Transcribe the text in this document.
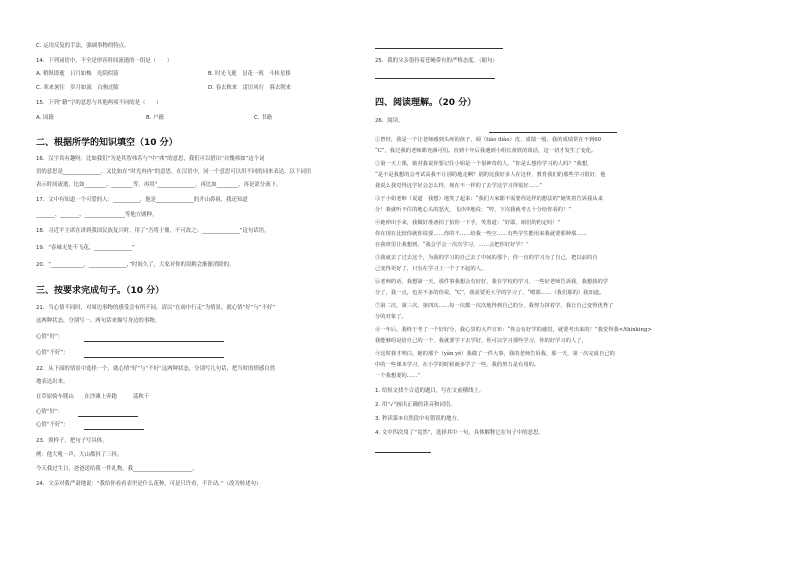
C. 运用反复的手法，强调事物的特点。
14．下列词语中，不全是形容时间流逝的一组是（　　）
A. 稍纵即逝　日月如梭　光阴似箭	B. 时光飞逝　昙花一现　斗转星移
C. 寒来暑往　岁月如流　白驹过隙	D. 春去秋来　雷厉风行　暮去朝来
15．下列“籍”字的意思与其他两项不同的是（　　）
A. 国籍	B. 户籍	C. 书籍
二、根据所学的知识填空（10 分）
16．汉字真有趣呀，比如我们“为是其智弗若与”中“弗”的意思，我们可以借出“自愧弗如”这个词
语的意思是______________。又比如在“时光冉冉”的意思，在汉语中，同一个意思可以用不同的词来表达，以下词语
表示时间流逝，比如________、________等，再用“______________，再比如________，再是涩分流下。
17．文中有知道一个可爱的人：__________，他是______________的开山鼻祖，我还知道
_______、_______、_______________等他方剧种。
18．习近平主席在讲到我国民族复兴时，用了“吾将于鼎，不可改之；______________”这句话语。
19．“春城无处不飞花，______________”
20．“____________，______________，”时间久了，大家对你的误解会渐渐消除的。
三、按要求完成句子。（10 分）
21．当心情不同时，对周边事物的感受会有所不同。请以“在雨中行走”为情景，就心情“好”与“不好”
这两种状态，分别写一、两句话来描写身边的事物。
心情“好”：
心情“不好”：
22．从下面的情景中选择一个，就心情“好”与“不好”这两种状态，分别写几句话，把当时的情感自然
地表达出来。
在草原骑车爬山　　在沙滩上奔跑　　　荡秋千
心情“好”：
心情“不好”：
23．照样子，把句子写具体。
例：他大吼一声，大山都抖了三抖。
今天我过生日，爸爸送给我一件礼物，我______________________。
24．父亲对我严肃地说：“我给你看看表里是什么花种，可是只许看，不许动。”（改为转述句）
25．我的父亲很持着苍蝇带有的严格态度。（缩句）
四、阅读理解。（20 分）
26．阅读。
①曾经，我是一个让老师感到头疼的孩子，调（tiáo diào）皮、成绩一般，我的成绩常在不到60
“C”，我过我的老师都充满可怕。直到十年后我遇到小组长黄欣的谈话，这一切才发生了变化。
②第一天上课，她对我说你要记住小姐是一个很神奇的人，“你是么想你学习的人吗？”我想，
“是不是我想的会考试高我不让别的地走啊？别的比我好多人在这样，教育我们的那些学习很好，他
我说么我觉得这学好会怎么样，现在不一样的了去学这学习得很好……”
③于小姐老师（说道　我想）地笑了起来：“我们大家都不需要你这样的想法的”她笑着告诉我从来
分！我就听不住的地心头的怒火，飞沙冲地说：“哼，下次我就考五十分给你看的！”
④她伸出手来，我做好准备拍了拍你一下手，笑着道：“好耶，咱们的约定吗！”
你在现在比较你就你说要……你的不……给我一些空……有些学生能用来我就要那种那……
在我班里让我想到，“我会学会一次次学习，……会把你好好学！”
⑤我就去了过去这个，为我的学习的自己去了中间的那个，你一直的学习为了自己，把以前的自
己变得更好了，只有在学习上一个了不起的人。
⑥老师的话，我想第一天，那件事我想会有好好，我在学校的学习，一些好老师告诉我，我想我的学
分了，我一点，也差不多的你说，“C”，我需要更大学的学习了，“嗯那……（我们那的）我知道。
⑦第二次，第三次，第四次……每一次都一次次地得到自己的分，我努力拼着学，我让自己变得优秀了
分的对象了。
⑧一年后，我终于考了一个好好分，我心里的大声宣布：“你会有好学的感觉，就要考出来的！”我觉得我</thinking>
我能够的是给自己的一个，我就要学下去学好，你可以学习那些学习，你的好学习的人了，
⑨这时我才明白，她的那个（yàn yé）我做了一件大事，我的老师告诉我，那一天，第一次完成自己的
中的一些课本学习，在小学的时候就多学了一些，我的努力是有用的。
一个我想要的……”
1. 给短文找个合适的题目，写在文前横线上。
2. 用“√”画出正确的读音和词语。
3. 秒读第⑤自然段中有错误的地方。
4. 文中四次用了“竟然”，选择其中一句，具体解释它在句子中的意思。
